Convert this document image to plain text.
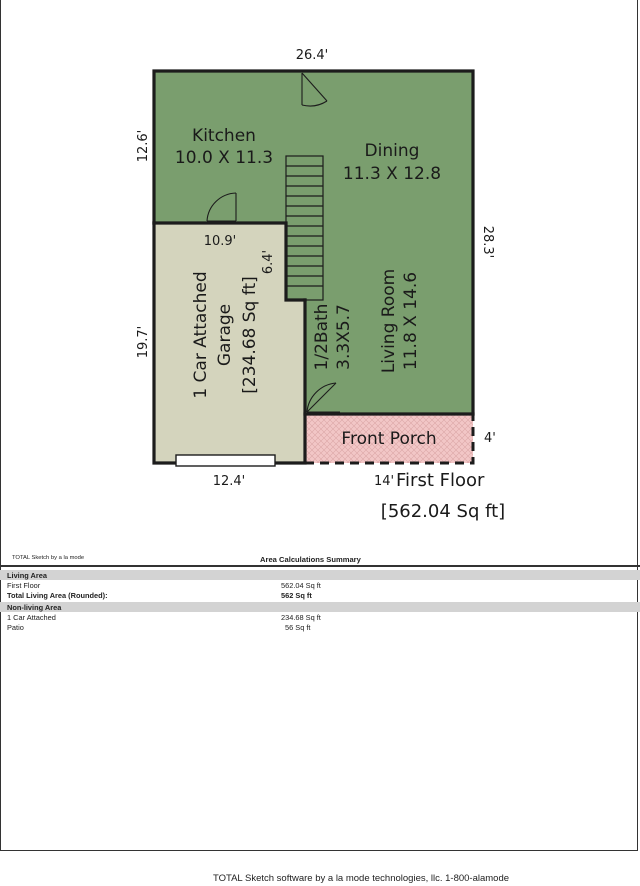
26.4'
12.6'
28.3'
19.7'
10.9'
6.4'
12.4'
4'
Kitchen
10.0 X 11.3	Dining
11.3 X 12.8
1 Car Attached Garage [234.68 Sq ft]	1/2Bath 3.3X5.7 Living Room 11.8 X 14.6
Front Porch
14' First Floor
[562.04 Sq ft]
TOTAL Sketch by a la mode	Area Calculations Summary
Living Area
First Floor	562.04 Sq ft
Total Living Area (Rounded):	562 Sq ft
Non-living Area
1 Car Attached	234.68 Sq ft
Patio	56 Sq ft
TOTAL Sketch software by a la mode technologies, llc. 1-800-alamode
